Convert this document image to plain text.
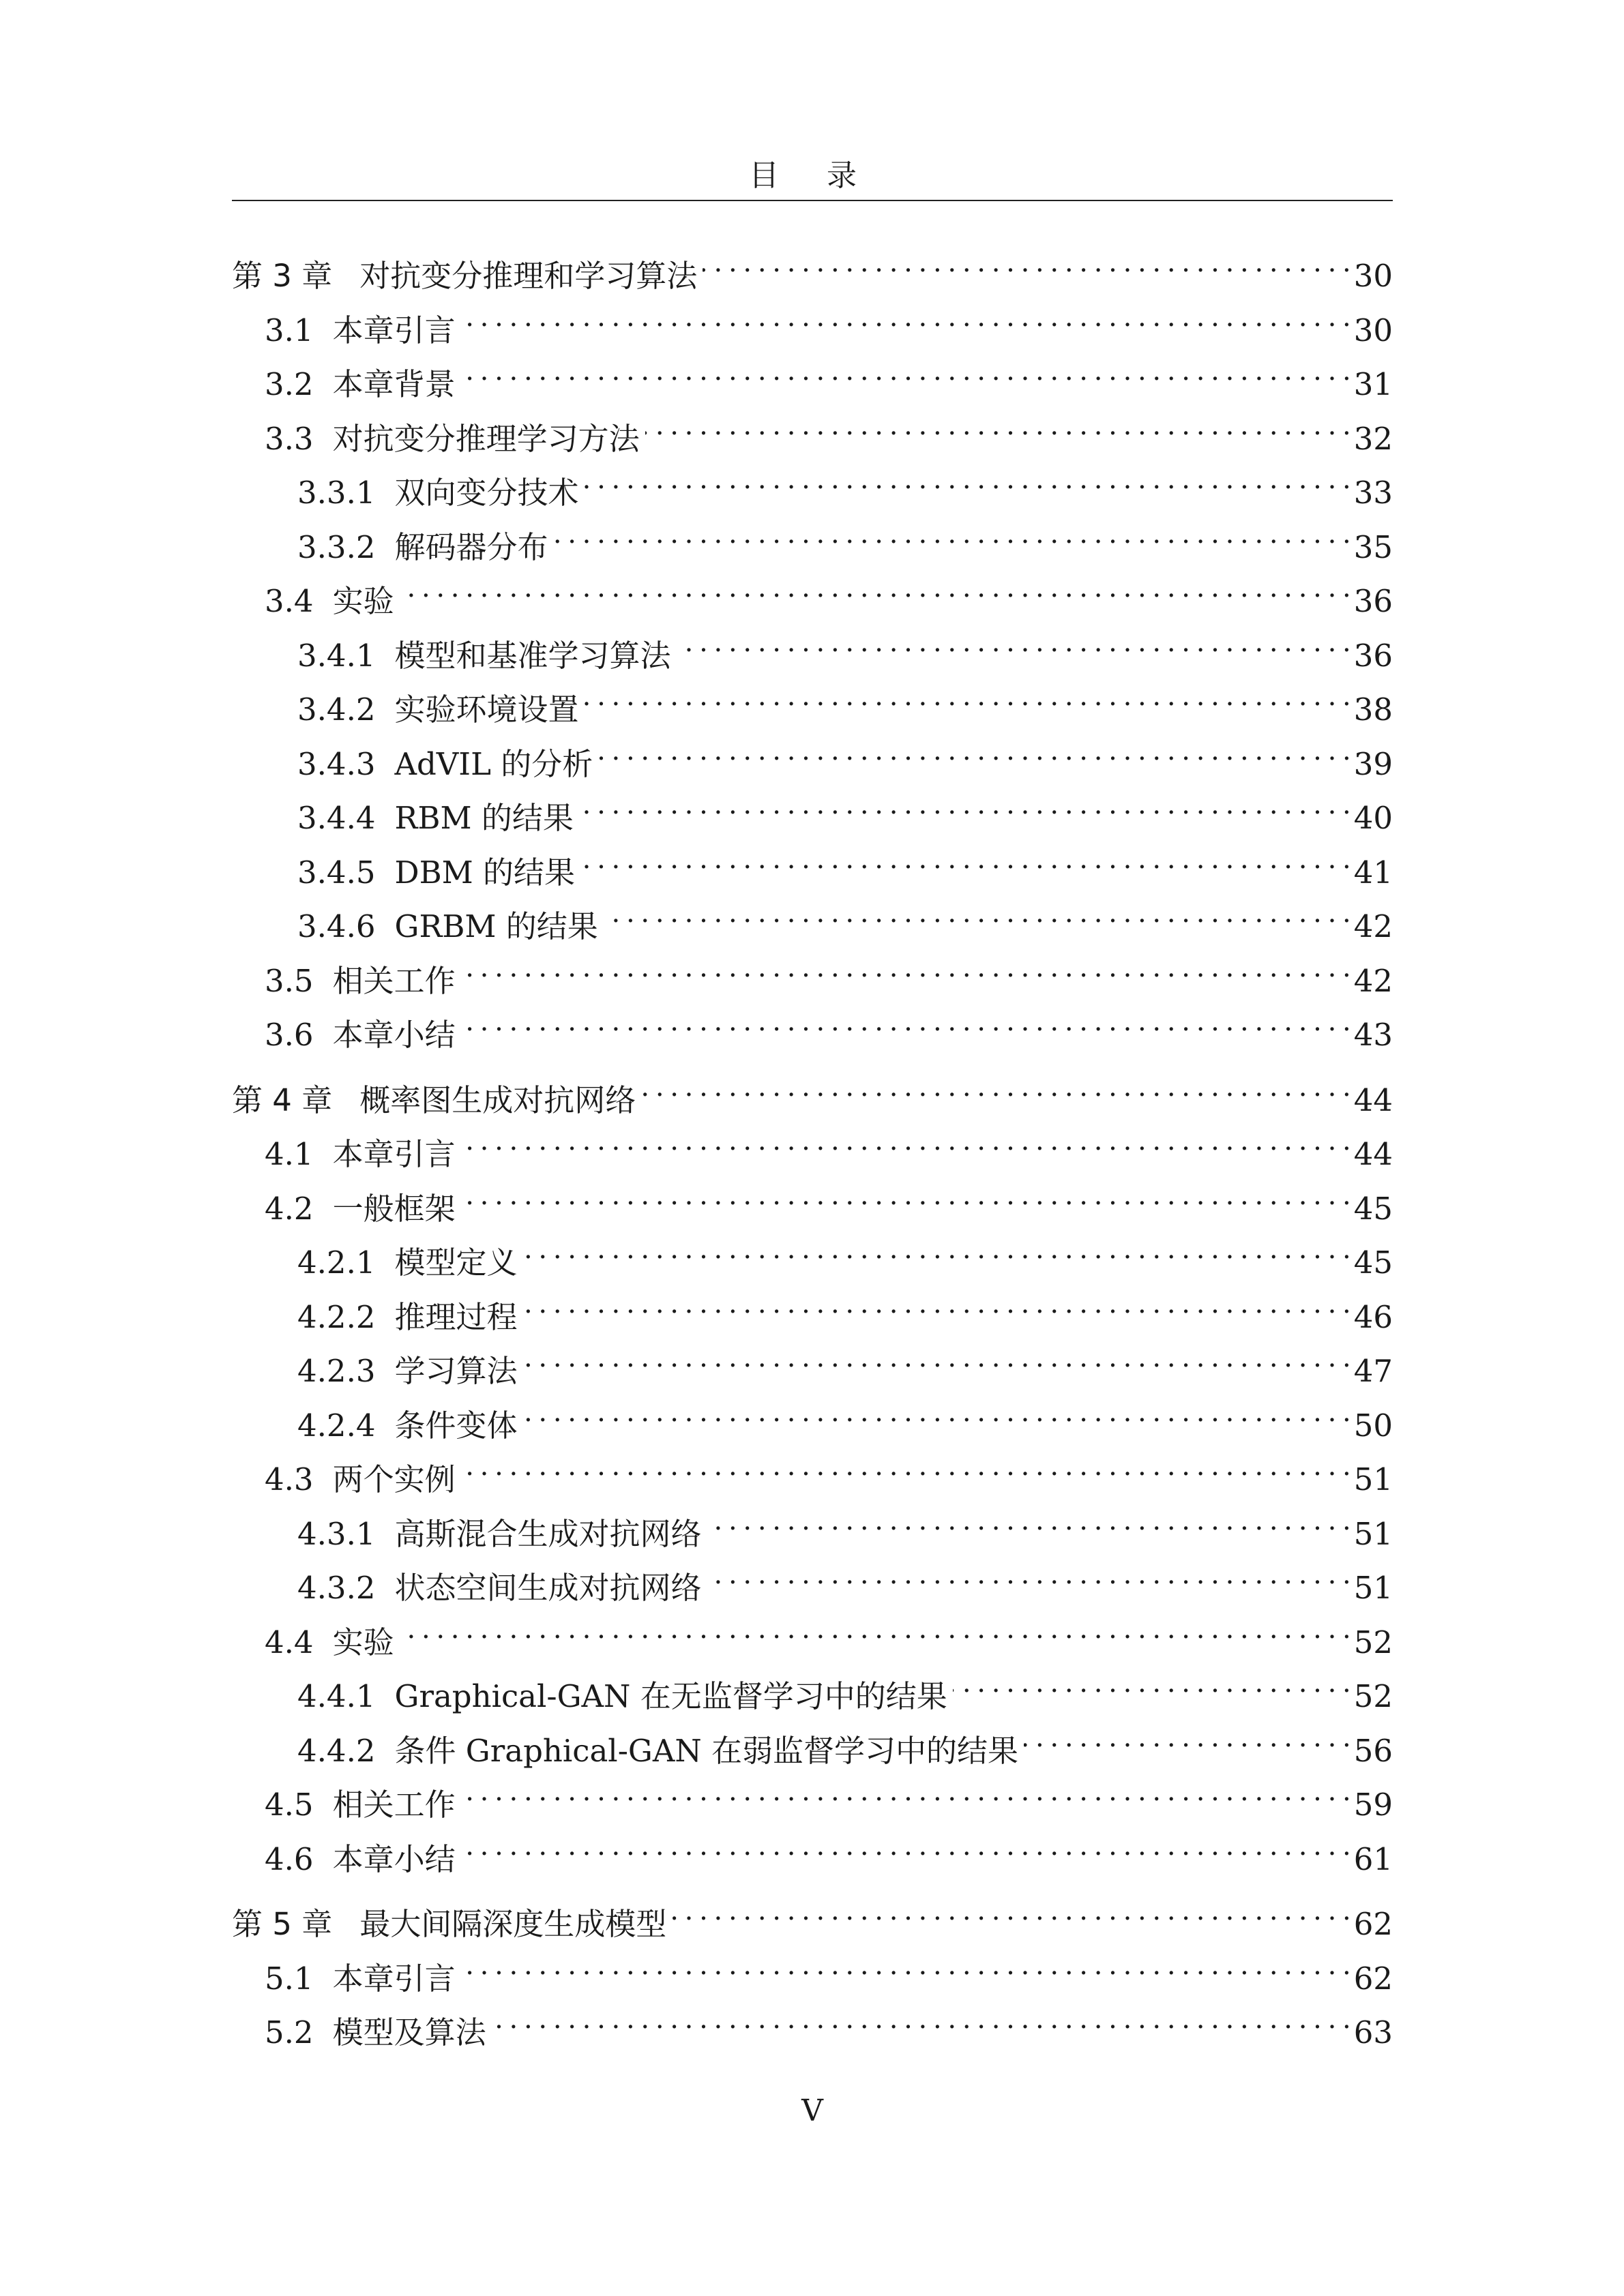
目 录
第 3 章 对抗变分推理和学习算法 . . .	30
3.1 本章引言 . . .	30
3.2 本章背景 . . .	31
3.3 对抗变分推理学习方法 . . .	32
3.3.1 双向变分技术 . . .	33
3.3.2 解码器分布 . . .	35
3.4 实验 . . .	36
3.4.1 模型和基准学习算法 . . .	36
3.4.2 实验环境设置 . . .	38
3.4.3 AdVIL 的分析 . . .	39
3.4.4 RBM 的结果 . . .	40
3.4.5 DBM 的结果 . . .	41
3.4.6 GRBM 的结果 . . .	42
3.5 相关工作 . . .	42
3.6 本章小结 . . .	43
第 4 章 概率图生成对抗网络 . . .	44
4.1 本章引言 . . .	44
4.2 一般框架 . . .	45
4.2.1 模型定义 . . .	45
4.2.2 推理过程 . . .	46
4.2.3 学习算法 . . .	47
4.2.4 条件变体 . . .	50
4.3 两个实例 . . .	51
4.3.1 高斯混合生成对抗网络 . . .	51
4.3.2 状态空间生成对抗网络 . . .	51
4.4 实验 . . .	52
4.4.1 Graphical-GAN 在无监督学习中的结果 . . .	52
4.4.2 条件 Graphical-GAN 在弱监督学习中的结果 . . .	56
4.5 相关工作 . . .	59
4.6 本章小结 . . .	61
第 5 章 最大间隔深度生成模型 . . .	62
5.1 本章引言 . . .	62
5.2 模型及算法 . . .	63
V
